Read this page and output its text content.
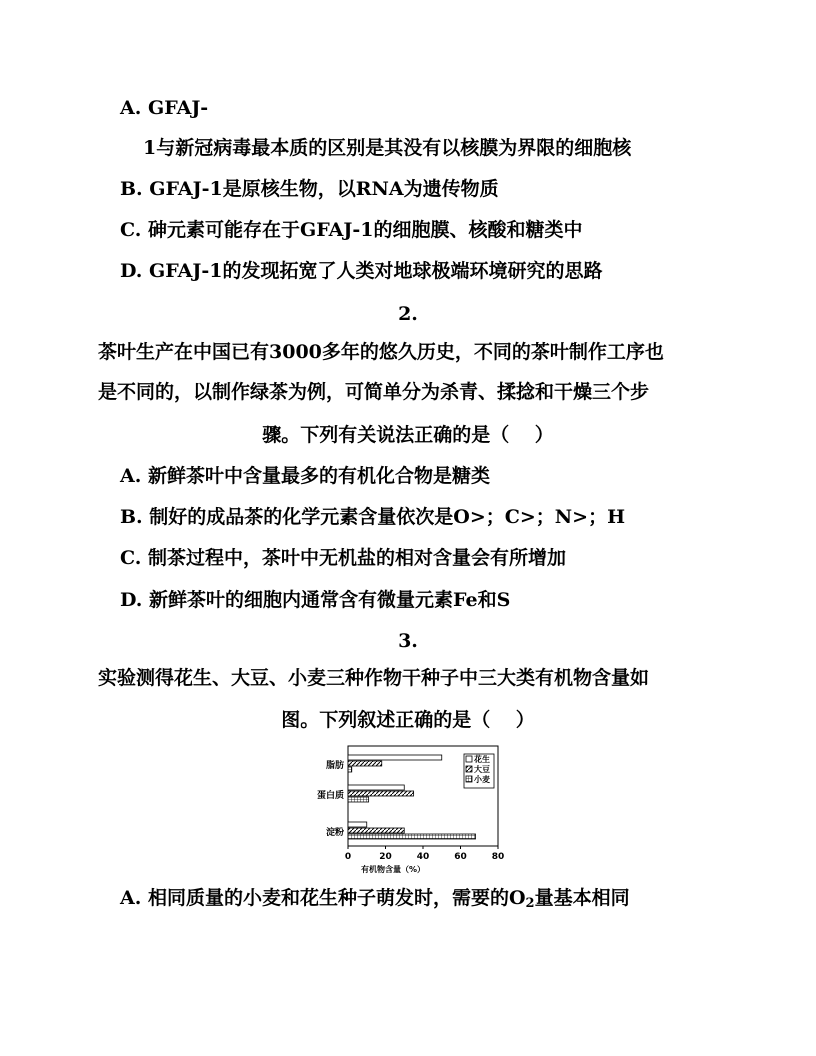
A. GFAJ-
1与新冠病毒最本质的区别是其没有以核膜为界限的细胞核
B. GFAJ-1是原核生物，以RNA为遗传物质
C. 砷元素可能存在于GFAJ-1的细胞膜、核酸和糖类中
D. GFAJ-1的发现拓宽了人类对地球极端环境研究的思路
2.
茶叶生产在中国已有3000多年的悠久历史，不同的茶叶制作工序也
是不同的，以制作绿茶为例，可简单分为杀青、揉捻和干燥三个步
骤。下列有关说法正确的是（　 ）
A. 新鲜茶叶中含量最多的有机化合物是糖类
B. 制好的成品茶的化学元素含量依次是O>；C>；N>；H
C. 制茶过程中，茶叶中无机盐的相对含量会有所增加
D. 新鲜茶叶的细胞内通常含有微量元素Fe和S
3.
实验测得花生、大豆、小麦三种作物干种子中三大类有机物含量如
图。下列叙述正确的是（　 ）
0	20	40	60	80
有机物含量（%）
脂肪
蛋白质
淀粉
花生
大豆
小麦
A. 相同质量的小麦和花生种子萌发时，需要的$O_2$量基本相同
